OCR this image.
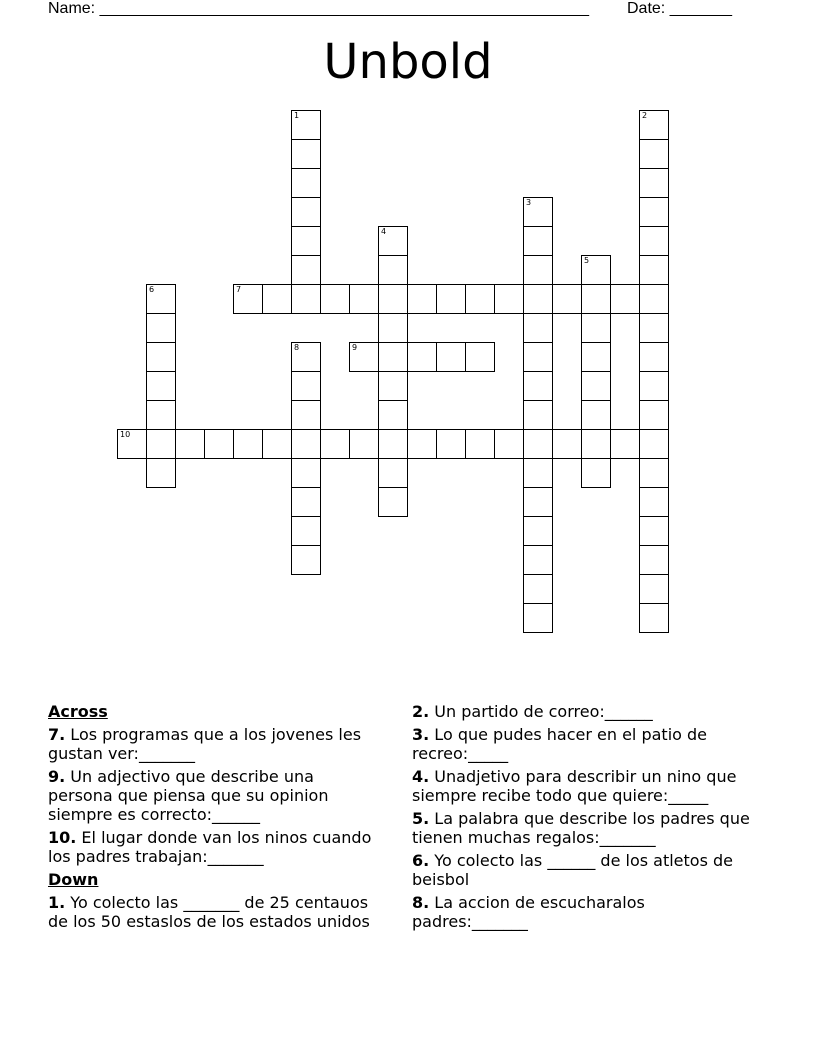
Name: _______________________________________________________ Date: _______
Unbold
1	2
3
4
5
6	7
8	9
10
Across
7. Los programas que a los jovenes les gustan ver:_______
9. Un adjectivo que describe una persona que piensa que su opinion siempre es correcto:______
10. El lugar donde van los ninos cuando los padres trabajan:_______
Down
1. Yo colecto las _______ de 25 centauos de los 50 estaslos de los estados unidos
2. Un partido de correo:______
3. Lo que pudes hacer en el patio de recreo:_____
4. Unadjetivo para describir un nino que siempre recibe todo que quiere:_____
5. La palabra que describe los padres que tienen muchas regalos:_______
6. Yo colecto las ______ de los atletos de beisbol
8. La accion de escucharalos padres:_______
